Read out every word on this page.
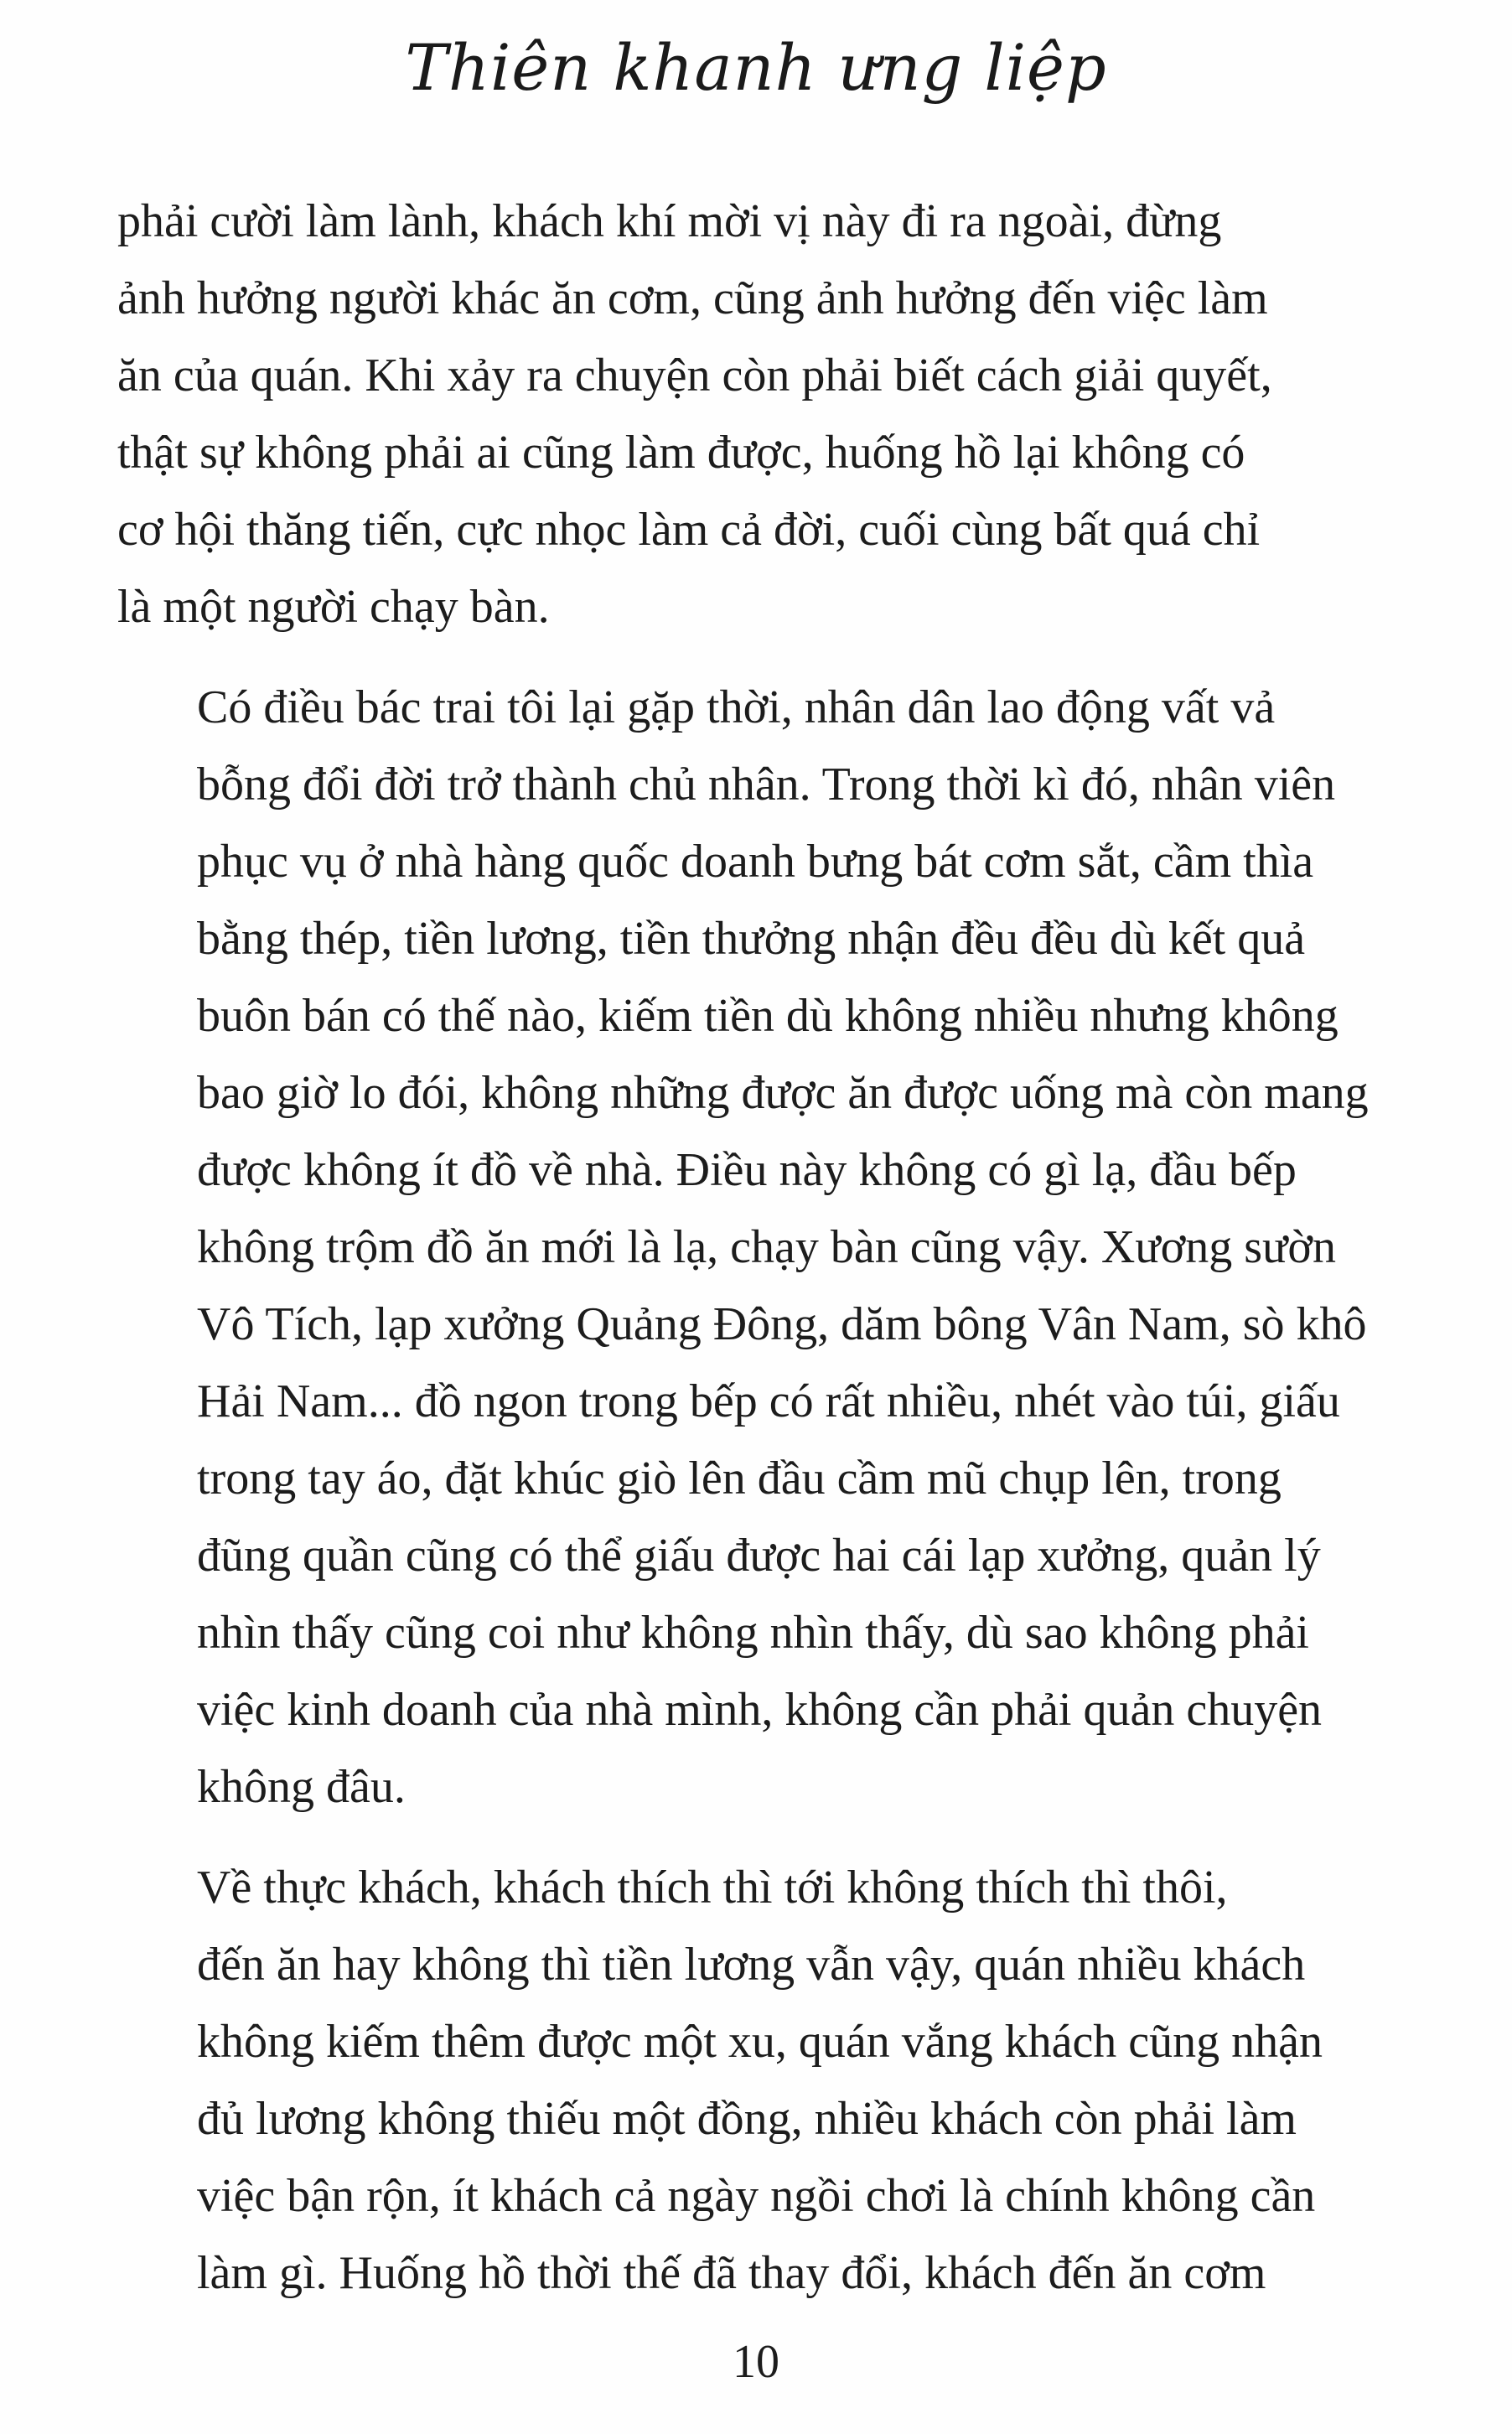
Thiên khanh ưng liệp

phải cười làm lành, khách khí mời vị này đi ra ngoài, đừng
ảnh hưởng người khác ăn cơm, cũng ảnh hưởng đến việc làm
ăn của quán. Khi xảy ra chuyện còn phải biết cách giải quyết,
thật sự không phải ai cũng làm được, huống hồ lại không có
cơ hội thăng tiến, cực nhọc làm cả đời, cuối cùng bất quá chỉ
là một người chạy bàn.

Có điều bác trai tôi lại gặp thời, nhân dân lao động vất vả
bỗng đổi đời trở thành chủ nhân. Trong thời kì đó, nhân viên
phục vụ ở nhà hàng quốc doanh bưng bát cơm sắt, cầm thìa
bằng thép, tiền lương, tiền thưởng nhận đều đều dù kết quả
buôn bán có thế nào, kiếm tiền dù không nhiều nhưng không
bao giờ lo đói, không những được ăn được uống mà còn mang
được không ít đồ về nhà. Điều này không có gì lạ, đầu bếp
không trộm đồ ăn mới là lạ, chạy bàn cũng vậy. Xương sườn
Vô Tích, lạp xưởng Quảng Đông, dăm bông Vân Nam, sò khô
Hải Nam... đồ ngon trong bếp có rất nhiều, nhét vào túi, giấu
trong tay áo, đặt khúc giò lên đầu cầm mũ chụp lên, trong
đũng quần cũng có thể giấu được hai cái lạp xưởng, quản lý
nhìn thấy cũng coi như không nhìn thấy, dù sao không phải
việc kinh doanh của nhà mình, không cần phải quản chuyện
không đâu.

Về thực khách, khách thích thì tới không thích thì thôi,
đến ăn hay không thì tiền lương vẫn vậy, quán nhiều khách
không kiếm thêm được một xu, quán vắng khách cũng nhận
đủ lương không thiếu một đồng, nhiều khách còn phải làm
việc bận rộn, ít khách cả ngày ngồi chơi là chính không cần
làm gì. Huống hồ thời thế đã thay đổi, khách đến ăn cơm

10
